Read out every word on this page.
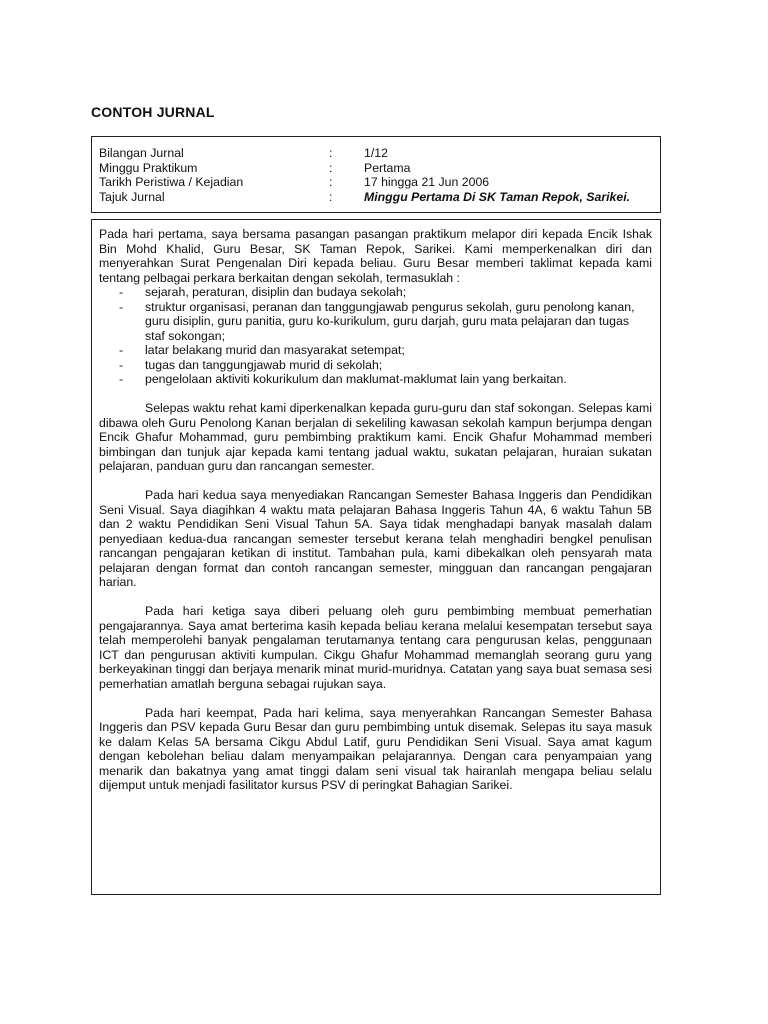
CONTOH JURNAL
Bilangan Jurnal	:	1/12
Minggu Praktikum	:	Pertama
Tarikh Peristiwa / Kejadian	:	17 hingga 21 Jun 2006
Tajuk Jurnal	:	Minggu Pertama Di SK Taman Repok, Sarikei.

Pada hari pertama, saya bersama pasangan pasangan praktikum melapor diri kepada Encik Ishak Bin Mohd Khalid, Guru Besar, SK Taman Repok, Sarikei. Kami memperkenalkan diri dan menyerahkan Surat Pengenalan Diri kepada beliau. Guru Besar memberi taklimat kepada kami tentang pelbagai perkara berkaitan dengan sekolah, termasuklah :

-	sejarah, peraturan, disiplin dan budaya sekolah;
-	struktur organisasi, peranan dan tanggungjawab pengurus sekolah, guru penolong kanan, guru disiplin, guru panitia, guru ko-kurikulum, guru darjah, guru mata pelajaran dan tugas staf sokongan;
-	latar belakang murid dan masyarakat setempat;
-	tugas dan tanggungjawab murid di sekolah;
-	pengelolaan aktiviti kokurikulum dan maklumat-maklumat lain yang berkaitan.

Selepas waktu rehat kami diperkenalkan kepada guru-guru dan staf sokongan. Selepas kami dibawa oleh Guru Penolong Kanan berjalan di sekeliling kawasan sekolah kampun berjumpa dengan Encik Ghafur Mohammad, guru pembimbing praktikum kami. Encik Ghafur Mohammad memberi bimbingan dan tunjuk ajar kepada kami tentang jadual waktu, sukatan pelajaran, huraian sukatan pelajaran, panduan guru dan rancangan semester.

Pada hari kedua saya menyediakan Rancangan Semester Bahasa Inggeris dan Pendidikan Seni Visual. Saya diagihkan 4 waktu mata pelajaran Bahasa Inggeris Tahun 4A, 6 waktu Tahun 5B dan 2 waktu Pendidikan Seni Visual Tahun 5A. Saya tidak menghadapi banyak masalah dalam penyediaan kedua-dua rancangan semester tersebut kerana telah menghadiri bengkel penulisan rancangan pengajaran ketikan di institut. Tambahan pula, kami dibekalkan oleh pensyarah mata pelajaran dengan format dan contoh rancangan semester, mingguan dan rancangan pengajaran harian.

Pada hari ketiga saya diberi peluang oleh guru pembimbing membuat pemerhatian pengajarannya. Saya amat berterima kasih kepada beliau kerana melalui kesempatan tersebut saya telah memperolehi banyak pengalaman terutamanya tentang cara pengurusan kelas, penggunaan ICT dan pengurusan aktiviti kumpulan. Cikgu Ghafur Mohammad memanglah seorang guru yang berkeyakinan tinggi dan berjaya menarik minat murid-muridnya. Catatan yang saya buat semasa sesi pemerhatian amatlah berguna sebagai rujukan saya.

Pada hari keempat, Pada hari kelima, saya menyerahkan Rancangan Semester Bahasa Inggeris dan PSV kepada Guru Besar dan guru pembimbing untuk disemak. Selepas itu saya masuk ke dalam Kelas 5A bersama Cikgu Abdul Latif, guru Pendidikan Seni Visual. Saya amat kagum dengan kebolehan beliau dalam menyampaikan pelajarannya. Dengan cara penyampaian yang menarik dan bakatnya yang amat tinggi dalam seni visual tak hairanlah mengapa beliau selalu dijemput untuk menjadi fasilitator kursus PSV di peringkat Bahagian Sarikei.
